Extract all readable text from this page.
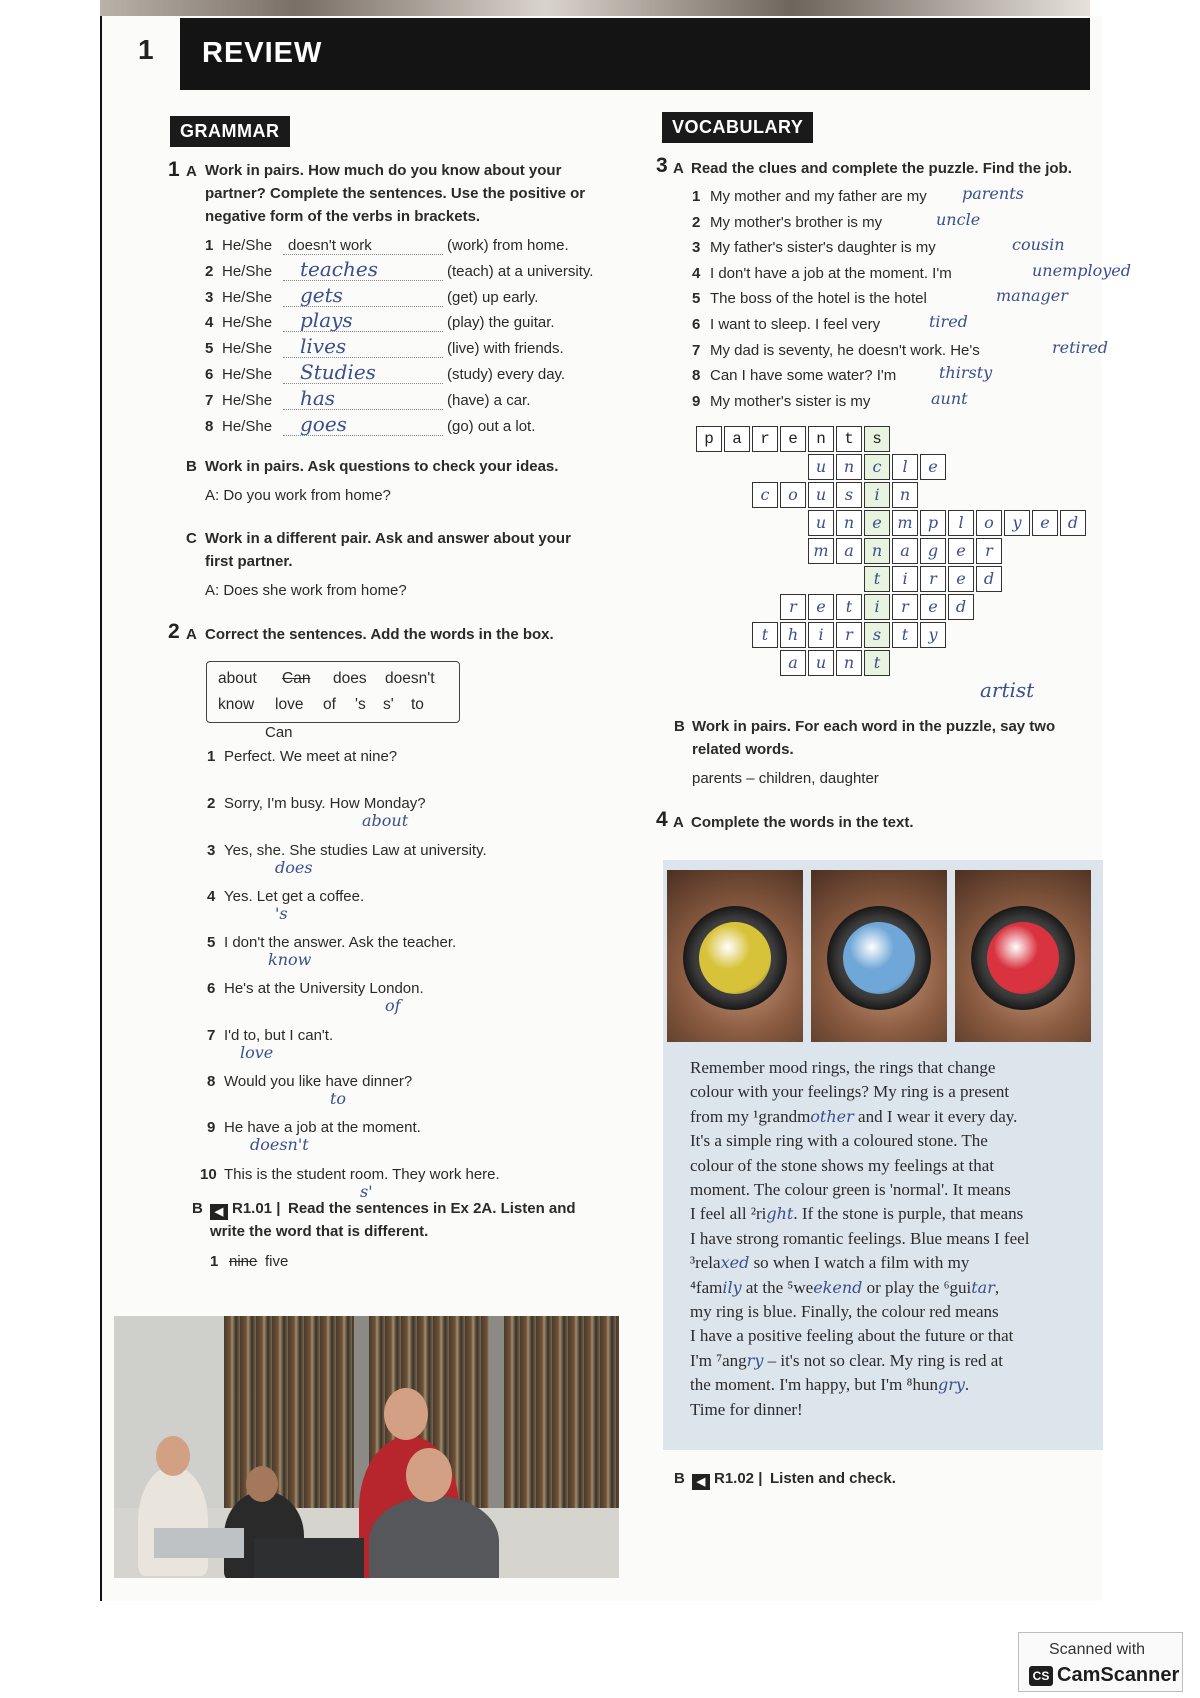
1 REVIEW
GRAMMAR
1 A Work in pairs. How much do you know about your
partner? Complete the sentences. Use the positive or
negative form of the verbs in brackets.
1 He/She doesn't work	(work) from home.
2 He/She teaches	(teach) at a university.
3 He/She gets	(get) up early.
4 He/She plays	(play) the guitar.
5 He/She lives	(live) with friends.
6 He/She Studies	(study) every day.
7 He/She has	(have) a car.
8 He/She goes	(go) out a lot.
B Work in pairs. Ask questions to check your ideas.
A: Do you work from home?
C Work in a different pair. Ask and answer about your
first partner.
A: Does she work from home?
2 A Correct the sentences. Add the words in the box.
about Can does doesn't
know love of 's s' to
1 Perfect. We meet at nine?
Can
2 Sorry, I'm busy. How Monday?
about
3 Yes, she. She studies Law at university.
does
4 Yes. Let get a coffee.
's
5 I don't the answer. Ask the teacher.
know
6 He's at the University London.
of
7 I'd to, but I can't.
love
8 Would you like have dinner?
to
9 He have a job at the moment.
doesn't
10 This is the student room. They work here.
s'
B	◀ R1.01 | Read the sentences in Ex 2A. Listen and
write the word that is different.
1 nine five
VOCABULARY
3 A Read the clues and complete the puzzle. Find the job.
1 My mother and my father are my parents
2 My mother's brother is my	uncle
3 My father's sister's daughter is my	cousin
4 I don't have a job at the moment. I'm	unemployed
5 The boss of the hotel is the hotel	manager
6 I want to sleep. I feel very	tired
7 My dad is seventy, he doesn't work. He's	retired
8 Can I have some water? I'm	thirsty
9 My mother's sister is my	aunt
p	a	r	e	n	t	s
u	n	c	l	e
c	o	u	s	i	n
u	n	e m p	l	o	y	e	d
m a	n	a	g	e	r
t	i	r	e	d
r	e	t	i	r	e	d
t	h	i	r	s	t	y
a	u	n	t
artist
B Work in pairs. For each word in the puzzle, say two
related words.
parents – children, daughter
4 A Complete the words in the text.

Remember mood rings, the rings that change

colour with your feelings? My ring is a present

from my ¹grandmother and I wear it every day.

It's a simple ring with a coloured stone. The

colour of the stone shows my feelings at that

moment. The colour green is 'normal'. It means

I feel all ²right. If the stone is purple, that means

I have strong romantic feelings. Blue means I feel

³relaxed so when I watch a film with my

⁴family at the ⁵weekend or play the ⁶guitar,

my ring is blue. Finally, the colour red means

I have a positive feeling about the future or that

I'm ⁷angry – it's not so clear. My ring is red at

the moment. I'm happy, but I'm ⁸hungry.

Time for dinner!

B	◀ R1.02 | Listen and check.
Scanned with
CS CamScanner
